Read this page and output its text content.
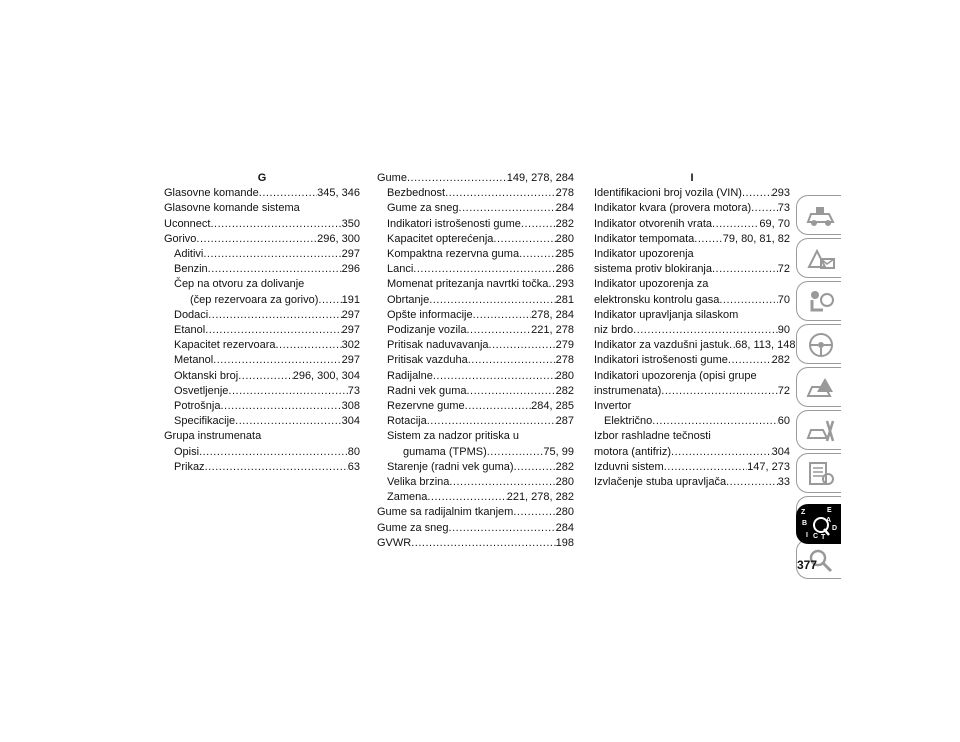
G
Glasovne komande .....	345, 346
Glasovne komande sistema
Uconnect .....	350
Gorivo .....	296, 300
Aditivi .....	297
Benzin .....	296
Čep na otvoru za dolivanje
(čep rezervoara za gorivo) ..... 191
Dodaci .....	297
Etanol .....	297
Kapacitet rezervoara .....	302
Metanol .....	297
Oktanski broj .....	296, 300, 304
Osvetljenje .....	73
Potrošnja .....	308
Specifikacije .....	304
Grupa instrumenata
Opisi .....	80
Prikaz .....	63
Gume .....	149, 278, 284
Bezbednost .....	278
Gume za sneg .....	284
Indikatori istrošenosti gume .....	282
Kapacitet opterećenja .....	280
Kompaktna rezervna guma .....	285
Lanci .....	286
Momenat pritezanja navrtki točka ..... 293
Obrtanje .....	281
Opšte informacije .....	278, 284
Podizanje vozila .....	221, 278
Pritisak naduvavanja .....	279
Pritisak vazduha .....	278
Radijalne .....	280
Radni vek guma .....	282
Rezervne gume .....	284, 285
Rotacija .....	287
Sistem za nadzor pritiska u
gumama (TPMS) .....	75, 99
Starenje (radni vek guma) .....	282
Velika brzina .....	280
Zamena .....	221, 278, 282
Gume sa radijalnim tkanjem .....	280
Gume za sneg .....	284
GVWR .....	198
I
Identifikacioni broj vozila (VIN) .....	293
Indikator kvara (provera motora) ..... 73
Indikator otvorenih vrata .....	69, 70
Indikator tempomata .....	79, 80, 81, 82
Indikator upozorenja
sistema protiv blokiranja .....	72
Indikator upozorenja za
elektronsku kontrolu gasa .....	70
Indikator upravljanja silaskom
niz brdo .....	90
Indikator za vazdušni jastuk ..... 68, 113, 148
Indikatori istrošenosti gume .....	282
Indikatori upozorenja (opisi grupe
instrumenata) .....	72
Invertor
Električno .....	60
Izbor rashladne tečnosti
motora (antifriz) .....	304
Izduvni sistem .....	147, 273
Izvlačenje stuba upravljača .....	33
Z	E
B	A
D
I C T
377
